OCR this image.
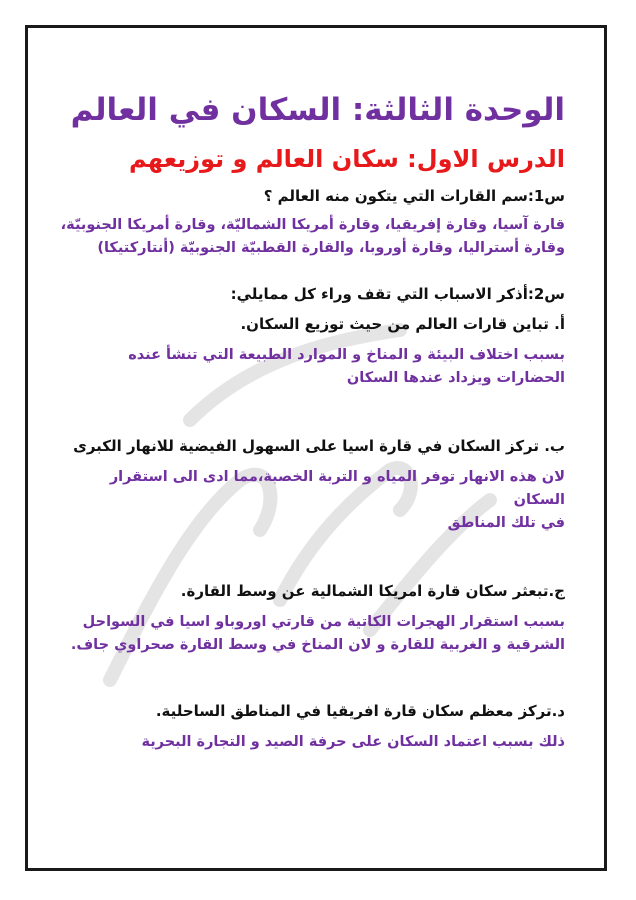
الوحدة الثالثة: السكان في العالم
الدرس الاول: سكان العالم و توزيعهم
س1:سم القارات التي يتكون منه العالم ؟
قارة آسيا، وقارة إفريقيا، وقارة أمريكا الشماليّة، وقارة أمريكا الجنوبيّة،
وقارة أستراليا، وقارة أوروبا، والقارة القطبيّة الجنوبيّة (أنتاركتيكا)
س2:أذكر الاسباب التي تقف وراء كل ممايلي:
أ. تباين قارات العالم من حيث توزيع السكان.
بسبب اختلاف البيئة و المناخ و الموارد الطبيعة التي تنشأ عنده
الحضارات ويزداد عندها السكان
ب. تركز السكان في قارة اسيا على السهول الفيضية للانهار الكبرى
لان هذه الانهار توفر المياه و التربة الخصبة،مما ادى الى استقرار السكان
في تلك المناطق
ج.تبعثر سكان قارة امريكا الشمالية عن وسط القارة.
بسبب استقرار الهجرات الكاتية من قارتي اوروباو اسيا في السواحل
الشرقية و الغربية للقارة و لان المناخ في وسط القارة صحراوي جاف.
د.تركز معظم سكان قارة افريقيا في المناطق الساحلية.
ذلك بسبب اعتماد السكان على حرفة الصيد و التجارة البحرية
